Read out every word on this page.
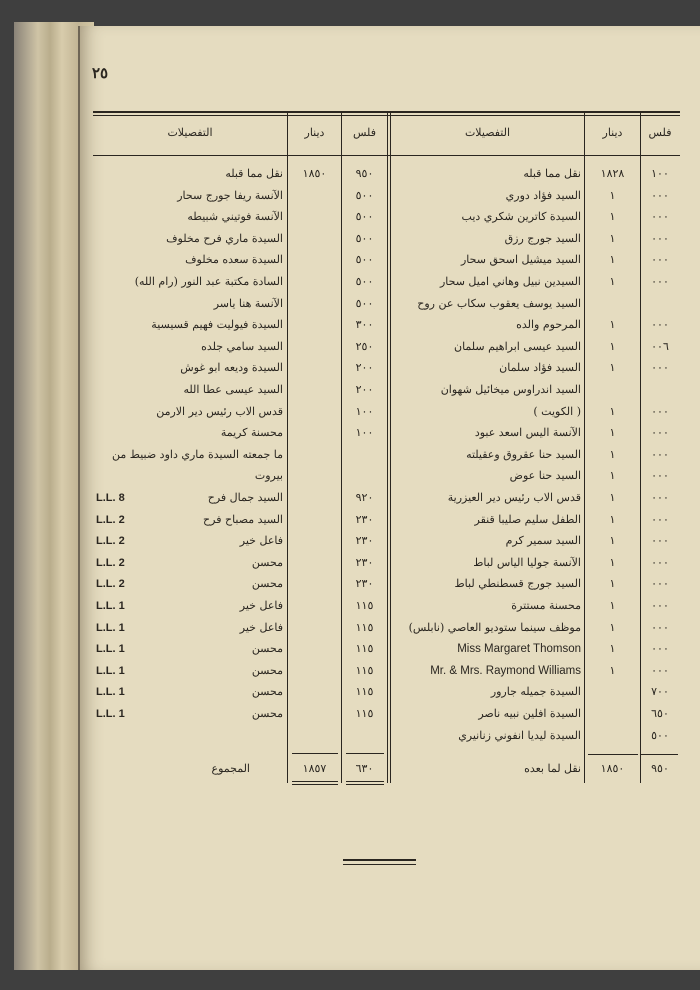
٢٥
فلس
دينار
التفصيلات
فلس
دينار
التفصيلات
١٠٠
١٨٢٨
نقل مما قبله
٠٠٠
١
السيد فؤاد دوري
٠٠٠
١
السيدة كاترين شكري ديب
٠٠٠
١
السيد جورج رزق
٠٠٠
١
السيد ميشيل اسحق سحار
٠٠٠
١
السيدين نبيل وهاني اميل سحار
السيد يوسف يعقوب سكاب عن روح
٠٠٠
١
المرحوم والده
٠٠٦
١
السيد عيسى ابراهيم سلمان
٠٠٠
١
السيد فؤاد سلمان
السيد اندراوس ميخائيل شهوان
٠٠٠
١
( الكويت )
٠٠٠
١
الآنسة اليس اسعد عبود
٠٠٠
١
السيد حنا عقروق وعقيلته
٠٠٠
١
السيد حنا عوض
٠٠٠
١
قدس الاب رئيس دير العيزرية
٠٠٠
١
الطفل سليم صليبا قنقر
٠٠٠
١
السيد سمير كرم
٠٠٠
١
الآنسة جوليا الياس لباط
٠٠٠
١
السيد جورج قسطنطي لباط
٠٠٠
١
محسنة مستترة
٠٠٠
١
موظف سينما ستوديو العاصي (نابلس)
٠٠٠
١
Miss Margaret Thomson
٠٠٠
١
Mr. & Mrs. Raymond Williams
٧٠٠
السيدة جميله جارور
٦٥٠
السيدة افلين نبيه ناصر
٥٠٠
السيدة ليديا انفوني زنانيري
٩٥٠
١٨٥٠
نقل مما قبله
٥٠٠
الآنسة ريفا جورج سحار
٥٠٠
الآنسة فوتيني شبيطه
٥٠٠
السيدة ماري فرح مخلوف
٥٠٠
السيدة سعده مخلوف
٥٠٠
السادة مكتبة عبد النور (رام الله)
٥٠٠
الآنسة هنا ياسر
٣٠٠
السيدة فيوليت فهيم قسيسية
٢٥٠
السيد سامي جلده
٢٠٠
السيدة وديعه ابو غوش
٢٠٠
السيد عيسى عطا الله
١٠٠
قدس الاب رئيس دير الارمن
١٠٠
محسنة كريمة
ما جمعته السيدة ماري داود ضبيط من
بيروت
٩٢٠
السيد جمال فرح
L.L. 8
٢٣٠
السيد مصباح فرح
L.L. 2
٢٣٠
فاعل خير
L.L. 2
٢٣٠
محسن
L.L. 2
٢٣٠
محسن
L.L. 2
١١٥
فاعل خير
L.L. 1
١١٥
فاعل خير
L.L. 1
١١٥
محسن
L.L. 1
١١٥
محسن
L.L. 1
١١٥
محسن
L.L. 1
١١٥
محسن
L.L. 1
٩٥٠
١٨٥٠
نقل لما بعده
٦٣٠
١٨٥٧
المجموع
